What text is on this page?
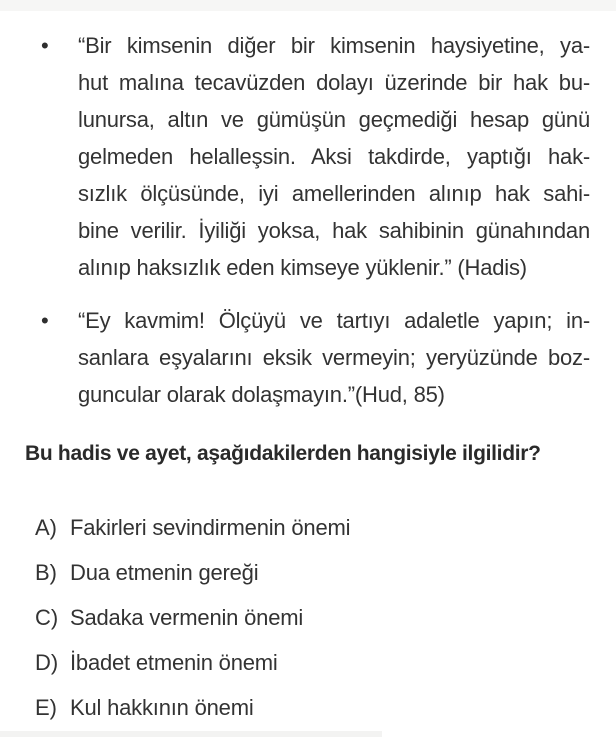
•	“Bir kimsenin diğer bir kimsenin haysiyetine, ya-
hut malına tecavüzden dolayı üzerinde bir hak bu-
lunursa, altın ve gümüşün geçmediği hesap günü
gelmeden helalleşsin. Aksi takdirde, yaptığı hak-
sızlık ölçüsünde, iyi amellerinden alınıp hak sahi-
bine verilir. İyiliği yoksa, hak sahibinin günahından
alınıp haksızlık eden kimseye yüklenir.” (Hadis)
•	“Ey kavmim! Ölçüyü ve tartıyı adaletle yapın; in-
sanlara eşyalarını eksik vermeyin; yeryüzünde boz-
guncular olarak dolaşmayın.”(Hud, 85)
Bu hadis ve ayet, aşağıdakilerden hangisiyle ilgilidir?
A) Fakirleri sevindirmenin önemi
B) Dua etmenin gereği
C) Sadaka vermenin önemi
D) İbadet etmenin önemi
E) Kul hakkının önemi
